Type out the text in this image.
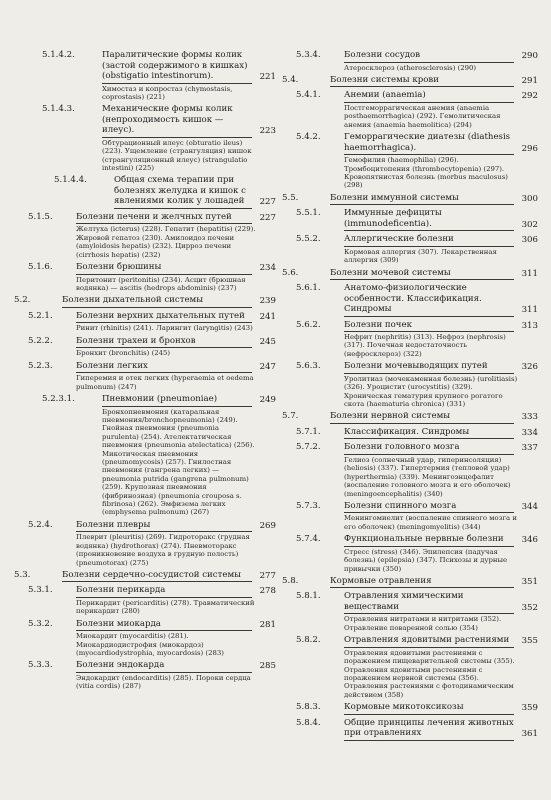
5.1.4.2.	Паралитические формы колик (застой содержимого в кишках) (obstigatio intestinorum).	221
Химостаз и копростаз (chymostasis, coprostasis) (221)
5.1.4.3.	Механические формы колик (непроходимость кишок — илеус).	223
Обтурационный илеус (obturatio ileus) (223). Ущемление (странгуляция) кишок (странгуляционный илеус) (strangulatio intestini) (225)
5.1.4.4.	Общая схема терапии при болезнях желудка и кишок с явлениями колик у лошадей	227
5.1.5.	Болезни печени и желчных путей	227
Желтуха (icterus) (228). Гепатит (hepatitis) (229). Жировой гепатоз (230). Амилоидоз печени (amyloidosis hepatis) (232). Цирроз печени (cirrhosis hepatis) (232)
5.1.6.	Болезни брюшины	234
Перитонит (peritonitis) (234). Асцит (брюшная водянка) — ascitis (hedrops abdominis) (237)
5.2.	Болезни дыхательной системы	239
5.2.1.	Болезни верхних дыхательных путей	241
Ринит (rhinitis) (241). Ларингит (laryngitis) (243)
5.2.2.	Болезни трахеи и бронхов	245
Бронхит (bronchitis) (245)
5.2.3.	Болезни легких	247
Гиперемия и отек легких (hyperaemia et oedema pulmonum) (247)
5.2.3.1.	Пневмонии (pneumoniae)	249
Бронхопневмония (катаральная пневмония/bronchopneumonia) (249). Гнойная пневмония (pneumonia purulenta) (254). Ателектатическая пневмония (pneumonia atelectatica) (256). Микотическая пневмония (pneumomycosis) (257). Гнилостная пневмония (гангрена легких) — pneumonia putrida (gangrena pulmonum) (259). Крупозная пневмония (фибринозная) (pneumonia crouposa s. fibrinosa) (262). Эмфизема легких (emphysema pulmonum) (267)
5.2.4.	Болезни плевры	269
Плеврит (pleuritis) (269). Гидроторакс (грудная водянка) (hydrothorax) (274). Пневмоторакс (проникновение воздуха в грудную полость) (pneumotorax) (275)
5.3.	Болезни сердечно-сосудистой системы	277
5.3.1.	Болезни перикарда	278
Перикардит (pericarditis) (278). Травматический перикардит (280)
5.3.2.	Болезни миокарда	281
Миокардит (myocarditis) (281). Миокардиодистрофия (миокардоз) (myocardiodystrophia, myocardosis) (283)
5.3.3.	Болезни эндокарда	285
Эндокардит (endocarditis) (285). Пороки сердца (vitia cordis) (287)
5.3.4.	Болезни сосудов	290
Атеросклероз (atherosclerosis) (290)
5.4.	Болезни системы крови	291
5.4.1.	Анемии (anaemia)	292
Постгеморрагическая анемия (anaemia posthaemorrhagica) (292). Гемолитическая анемия (anaemia haemolitica) (294)
5.4.2.	Геморрагические диатезы (diathesis haemorrhagica).	296
Гемофилия (haemophilia) (296). Тромбоцитопения (thrombocytopenia) (297). Кровопятнистая болезнь (morbus maculosus) (298)
5.5.	Болезни иммунной системы	300
5.5.1.	Иммунные дефициты (immunodeficentia).	302
5.5.2.	Аллергические болезни	306
Кормовая аллергия (307). Лекарственная аллергия (309)
5.6.	Болезни мочевой системы	311
5.6.1.	Анатомо-физиологические особенности. Классификация. Синдромы	311
5.6.2.	Болезни почек	313
Нефрит (nephritis) (313). Нефроз (nephrosis) (317). Почечная недостаточность (нефросклероз) (322)
5.6.3.	Болезни мочевыводящих путей	326
Уролитиаз (мочекаменная болезнь) (urolitiasis) (326). Уроцистит (urocystitis) (329). Хроническая гематурия крупного рогатого скота (haematuria chronica) (331)
5.7.	Болезни нервной системы	333
5.7.1.	Классификация. Синдромы	334
5.7.2.	Болезни головного мозга	337
Гелиоз (солнечный удар, гиперинсоляция) (heliosis) (337). Гипертермия (тепловой удар) (hyperthermia) (339). Менингоэнцефалит (воспаление головного мозга и его оболочек) (meningoencephalitis) (340)
5.7.3.	Болезни спинного мозга	344
Менингомиелит (воспаление спинного мозга и его оболочек) (meningomyelitis) (344)
5.7.4.	Функциональные нервные болезни	346
Стресс (stress) (346). Эпилепсия (падучая болезнь) (epilepsia) (347). Психозы и дурные привычки (350)
5.8.	Кормовые отравления	351
5.8.1.	Отравления химическими веществами	352
Отравления нитратами и нитритами (352). Отравление поваренной солью (354)
5.8.2.	Отравления ядовитыми растениями	355
Отравления ядовитыми растениями с поражением пищеварительной системы (355). Отравления ядовитыми растениями с поражением нервной системы (356). Отравления растениями с фотодинамическим действием (358)
5.8.3.	Кормовые микотоксикозы	359
5.8.4.	Общие принципы лечения животных при отравлениях	361
